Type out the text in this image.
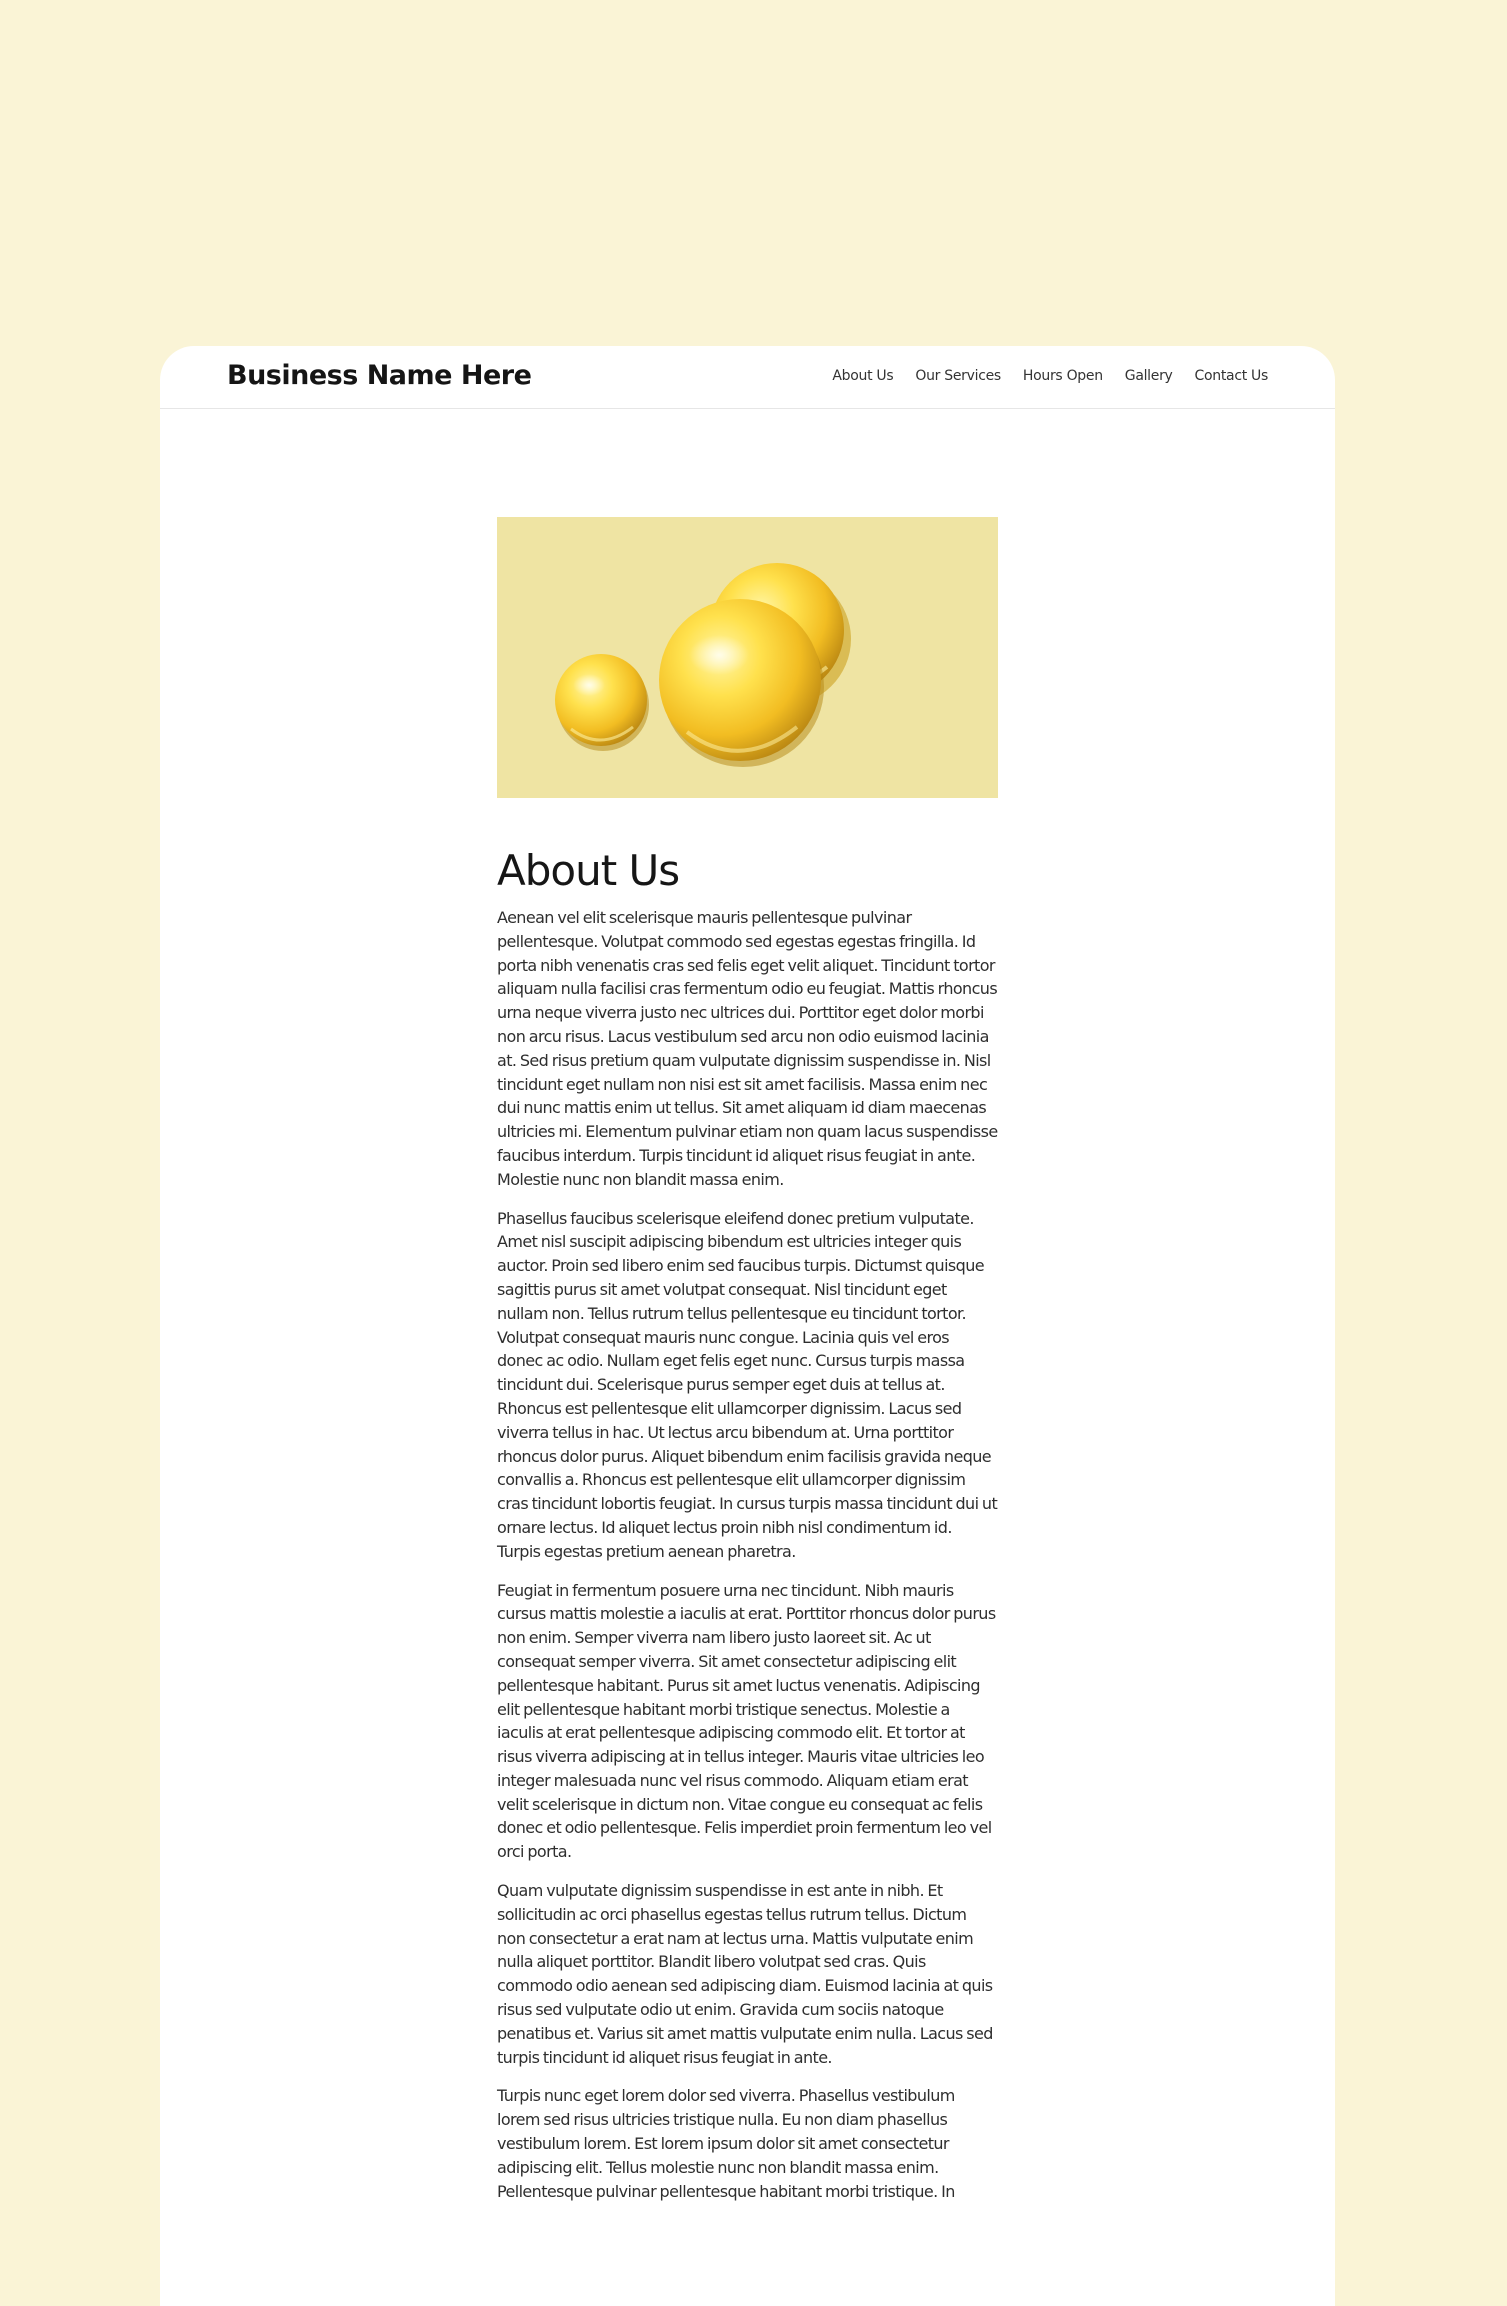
Business Name Here	About Us Our Services Hours Open Gallery Contact Us
About Us

Aenean vel elit scelerisque mauris pellentesque pulvinar pellentesque. Volutpat commodo sed egestas egestas fringilla. Id porta nibh venenatis cras sed felis eget velit aliquet. Tincidunt tortor aliquam nulla facilisi cras fermentum odio eu feugiat. Mattis rhoncus urna neque viverra justo nec ultrices dui. Porttitor eget dolor morbi non arcu risus. Lacus vestibulum sed arcu non odio euismod lacinia at. Sed risus pretium quam vulputate dignissim suspendisse in. Nisl tincidunt eget nullam non nisi est sit amet facilisis. Massa enim nec dui nunc mattis enim ut tellus. Sit amet aliquam id diam maecenas ultricies mi. Elementum pulvinar etiam non quam lacus suspendisse faucibus interdum. Turpis tincidunt id aliquet risus feugiat in ante. Molestie nunc non blandit massa enim.

Phasellus faucibus scelerisque eleifend donec pretium vulputate. Amet nisl suscipit adipiscing bibendum est ultricies integer quis auctor. Proin sed libero enim sed faucibus turpis. Dictumst quisque sagittis purus sit amet volutpat consequat. Nisl tincidunt eget nullam non. Tellus rutrum tellus pellentesque eu tincidunt tortor. Volutpat consequat mauris nunc congue. Lacinia quis vel eros donec ac odio. Nullam eget felis eget nunc. Cursus turpis massa tincidunt dui. Scelerisque purus semper eget duis at tellus at. Rhoncus est pellentesque elit ullamcorper dignissim. Lacus sed viverra tellus in hac. Ut lectus arcu bibendum at. Urna porttitor rhoncus dolor purus. Aliquet bibendum enim facilisis gravida neque convallis a. Rhoncus est pellentesque elit ullamcorper dignissim cras tincidunt lobortis feugiat. In cursus turpis massa tincidunt dui ut ornare lectus. Id aliquet lectus proin nibh nisl condimentum id. Turpis egestas pretium aenean pharetra.

Feugiat in fermentum posuere urna nec tincidunt. Nibh mauris cursus mattis molestie a iaculis at erat. Porttitor rhoncus dolor purus non enim. Semper viverra nam libero justo laoreet sit. Ac ut consequat semper viverra. Sit amet consectetur adipiscing elit pellentesque habitant. Purus sit amet luctus venenatis. Adipiscing elit pellentesque habitant morbi tristique senectus. Molestie a iaculis at erat pellentesque adipiscing commodo elit. Et tortor at risus viverra adipiscing at in tellus integer. Mauris vitae ultricies leo integer malesuada nunc vel risus commodo. Aliquam etiam erat velit scelerisque in dictum non. Vitae congue eu consequat ac felis donec et odio pellentesque. Felis imperdiet proin fermentum leo vel orci porta.

Quam vulputate dignissim suspendisse in est ante in nibh. Et sollicitudin ac orci phasellus egestas tellus rutrum tellus. Dictum non consectetur a erat nam at lectus urna. Mattis vulputate enim nulla aliquet porttitor. Blandit libero volutpat sed cras. Quis commodo odio aenean sed adipiscing diam. Euismod lacinia at quis risus sed vulputate odio ut enim. Gravida cum sociis natoque penatibus et. Varius sit amet mattis vulputate enim nulla. Lacus sed turpis tincidunt id aliquet risus feugiat in ante.

Turpis nunc eget lorem dolor sed viverra. Phasellus vestibulum lorem sed risus ultricies tristique nulla. Eu non diam phasellus vestibulum lorem. Est lorem ipsum dolor sit amet consectetur adipiscing elit. Tellus molestie nunc non blandit massa enim. Pellentesque pulvinar pellentesque habitant morbi tristique. In
